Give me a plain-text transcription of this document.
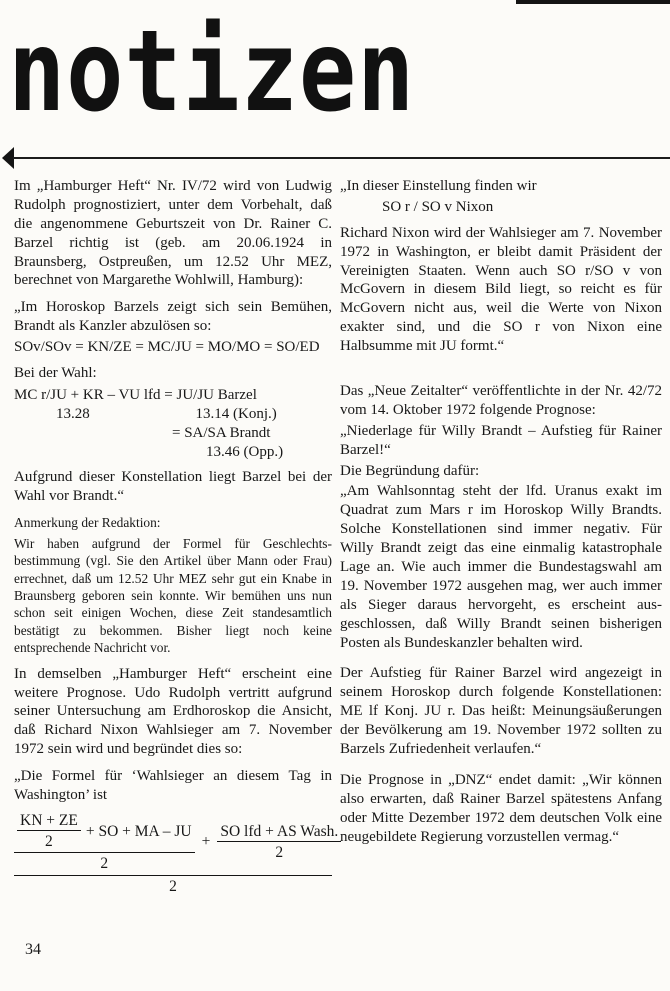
notizen

Im „Hamburger Heft“ Nr. IV/72 wird von Ludwig Rudolph prognostiziert, unter dem Vorbehalt, daß die angenommene Geburtszeit von Dr. Rainer C. Barzel richtig ist (geb. am 20.06.1924 in Braunsberg, Ostpreußen, um 12.52 Uhr MEZ, berechnet von Margarethe Wohlwill, Hamburg):

„Im Horoskop Barzels zeigt sich sein Bemühen, Brandt als Kanzler abzulösen so:

SOv/SOv = KN/ZE = MC/JU = MO/MO = SO/ED

Bei der Wahl:

MC r/JU + KR – VU lfd = JU/JU Barzel
13.28	13.14 (Konj.)
= SA/SA Brandt
13.46 (Opp.)

Aufgrund dieser Konstellation liegt Barzel bei der Wahl vor Brandt.“

Anmerkung der Redaktion:

Wir haben aufgrund der Formel für Geschlechtsbestimmung (vgl. Sie den Artikel über Mann oder Frau) errechnet, daß um 12.52 Uhr MEZ sehr gut ein Knabe in Braunsberg geboren sein konnte. Wir bemühen uns nun schon seit einigen Wochen, diese Zeit standesamtlich bestätigt zu bekommen. Bisher liegt noch keine entsprechende Nachricht vor.

In demselben „Hamburger Heft“ erscheint eine weitere Prognose. Udo Rudolph vertritt aufgrund seiner Untersuchung am Erdhoroskop die Ansicht, daß Richard Nixon Wahlsieger am 7. November 1972 sein wird und begründet dies so:

„Die Formel für ‘Wahlsieger an diesem Tag in Washington’ ist

$\frac{KN + ZE}{2}$ + SO + MA – JU
2
+ $\frac{\text{SO lfd + AS Wash.}}{2}$
2

„In dieser Einstellung finden wir

SO r / SO v Nixon

Richard Nixon wird der Wahlsieger am 7. November 1972 in Washington, er bleibt damit Präsident der Vereinigten Staaten. Wenn auch SO r/SO v von McGovern in diesem Bild liegt, so reicht es für McGovern nicht aus, weil die Werte von Nixon exakter sind, und die SO r von Nixon eine Halbsumme mit JU formt.“

Das „Neue Zeitalter“ veröffentlichte in der Nr. 42/72 vom 14. Oktober 1972 folgende Prognose:

„Niederlage für Willy Brandt – Aufstieg für Rainer Barzel!“

Die Begründung dafür:

„Am Wahlsonntag steht der lfd. Uranus exakt im Quadrat zum Mars r im Horoskop Willy Brandts. Solche Konstellationen sind immer negativ. Für Willy Brandt zeigt das eine einmalig katastrophale Lage an. Wie auch immer die Bundestagswahl am 19. November 1972 ausgehen mag, wer auch immer als Sieger daraus hervorgeht, es erscheint ausgeschlossen, daß Willy Brandt seinen bisherigen Posten als Bundeskanzler behalten wird.

Der Aufstieg für Rainer Barzel wird angezeigt in seinem Horoskop durch folgende Konstellationen: ME lf Konj. JU r. Das heißt: Meinungsäußerungen der Bevölkerung am 19. November 1972 sollten zu Barzels Zufriedenheit verlaufen.“

Die Prognose in „DNZ“ endet damit: „Wir können also erwarten, daß Rainer Barzel spätestens Anfang oder Mitte Dezember 1972 dem deutschen Volk eine neugebildete Regierung vorzustellen vermag.“

34
